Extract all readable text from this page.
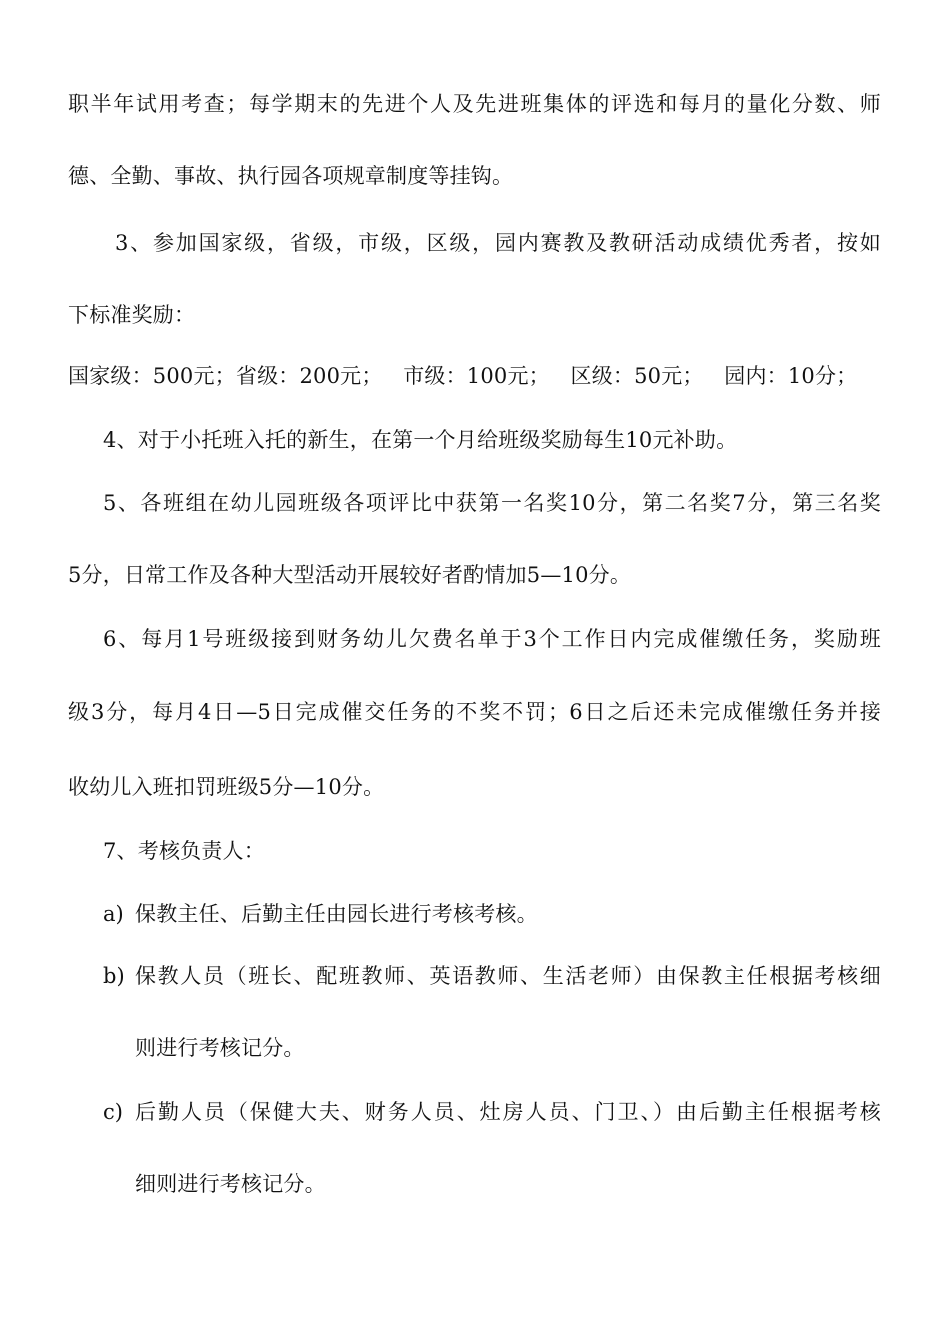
职半年试用考查；每学期末的先进个人及先进班集体的评选和每月的量化分数、师
德、全勤、事故、执行园各项规章制度等挂钩。
3、参加国家级，省级，市级，区级，园内赛教及教研活动成绩优秀者，按如
下标准奖励：
国家级：500元；省级：200元；   市级：100元；   区级：50元；   园内：10分；
4、对于小托班入托的新生，在第一个月给班级奖励每生10元补助。
5、各班组在幼儿园班级各项评比中获第一名奖10分，第二名奖7分，第三名奖
5分，日常工作及各种大型活动开展较好者酌情加5—10分。
6、每月1号班级接到财务幼儿欠费名单于3个工作日内完成催缴任务，奖励班
级3分，每月4日—5日完成催交任务的不奖不罚；6日之后还未完成催缴任务并接
收幼儿入班扣罚班级5分—10分。
7、考核负责人：
a) 保教主任、后勤主任由园长进行考核考核。
b) 保教人员（班长、配班教师、英语教师、生活老师）由保教主任根据考核细
则进行考核记分。
c) 后勤人员（保健大夫、财务人员、灶房人员、门卫、）由后勤主任根据考核
细则进行考核记分。
